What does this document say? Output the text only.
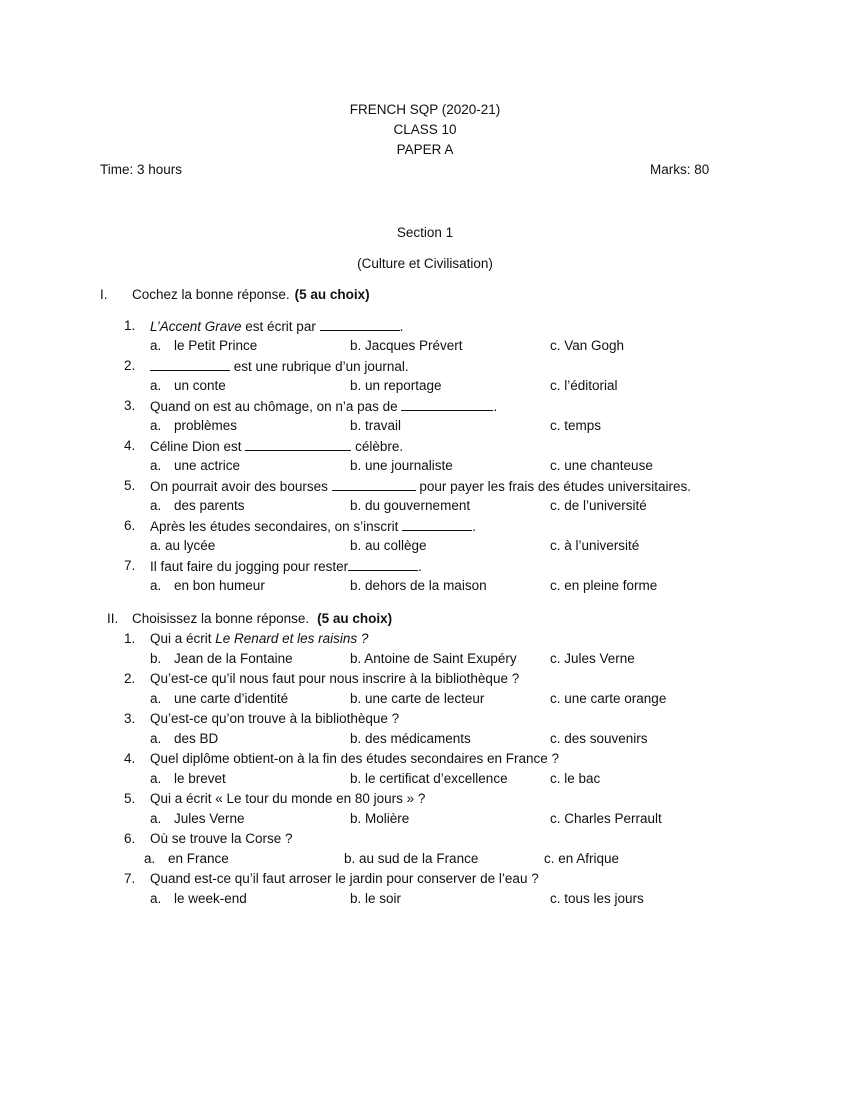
FRENCH SQP (2020-21)
CLASS 10
PAPER A
Time: 3 hours	Marks: 80
Section 1
(Culture et Civilisation)
I.	Cochez la bonne réponse. (5 au choix)
1.	L’Accent Grave est écrit par	.
a. le Petit Prince	b. Jacques Prévert	c. Van Gogh
2.	est une rubrique d’un journal.
a. un conte	b. un reportage	c. l’éditorial
3.	Quand on est au chômage, on n’a pas de	.
a. problèmes	b. travail	c. temps
4.	Céline Dion est	célèbre.
a. une actrice	b. une journaliste	c. une chanteuse
5.	On pourrait avoir des bourses	pour payer les frais des études universitaires.
a. des parents	b. du gouvernement	c. de l’université
6.	Après les études secondaires, on s’inscrit	.
a. au lycée	b. au collège	c. à l’université
7.	Il faut faire du jogging pour rester	.
a. en bon humeur	b. dehors de la maison	c. en pleine forme
II.	Choisissez la bonne réponse. (5 au choix)
1.	Qui a écrit Le Renard et les raisins ?
b. Jean de la Fontaine	b. Antoine de Saint Exupéry	c. Jules Verne
2.	Qu’est-ce qu’il nous faut pour nous inscrire à la bibliothèque ?
a. une carte d’identité	b. une carte de lecteur	c. une carte orange
3.	Qu’est-ce qu’on trouve à la bibliothèque ?
a. des BD	b. des médicaments	c. des souvenirs
4.	Quel diplôme obtient-on à la fin des études secondaires en France ?
a. le brevet	b. le certificat d’excellence	c. le bac
5.	Qui a écrit « Le tour du monde en 80 jours » ?
a. Jules Verne	b. Molière	c. Charles Perrault
6.	Où se trouve la Corse ?
a. en France	b. au sud de la France	c. en Afrique
7.	Quand est-ce qu’il faut arroser le jardin pour conserver de l’eau ?
a. le week-end	b. le soir	c. tous les jours
